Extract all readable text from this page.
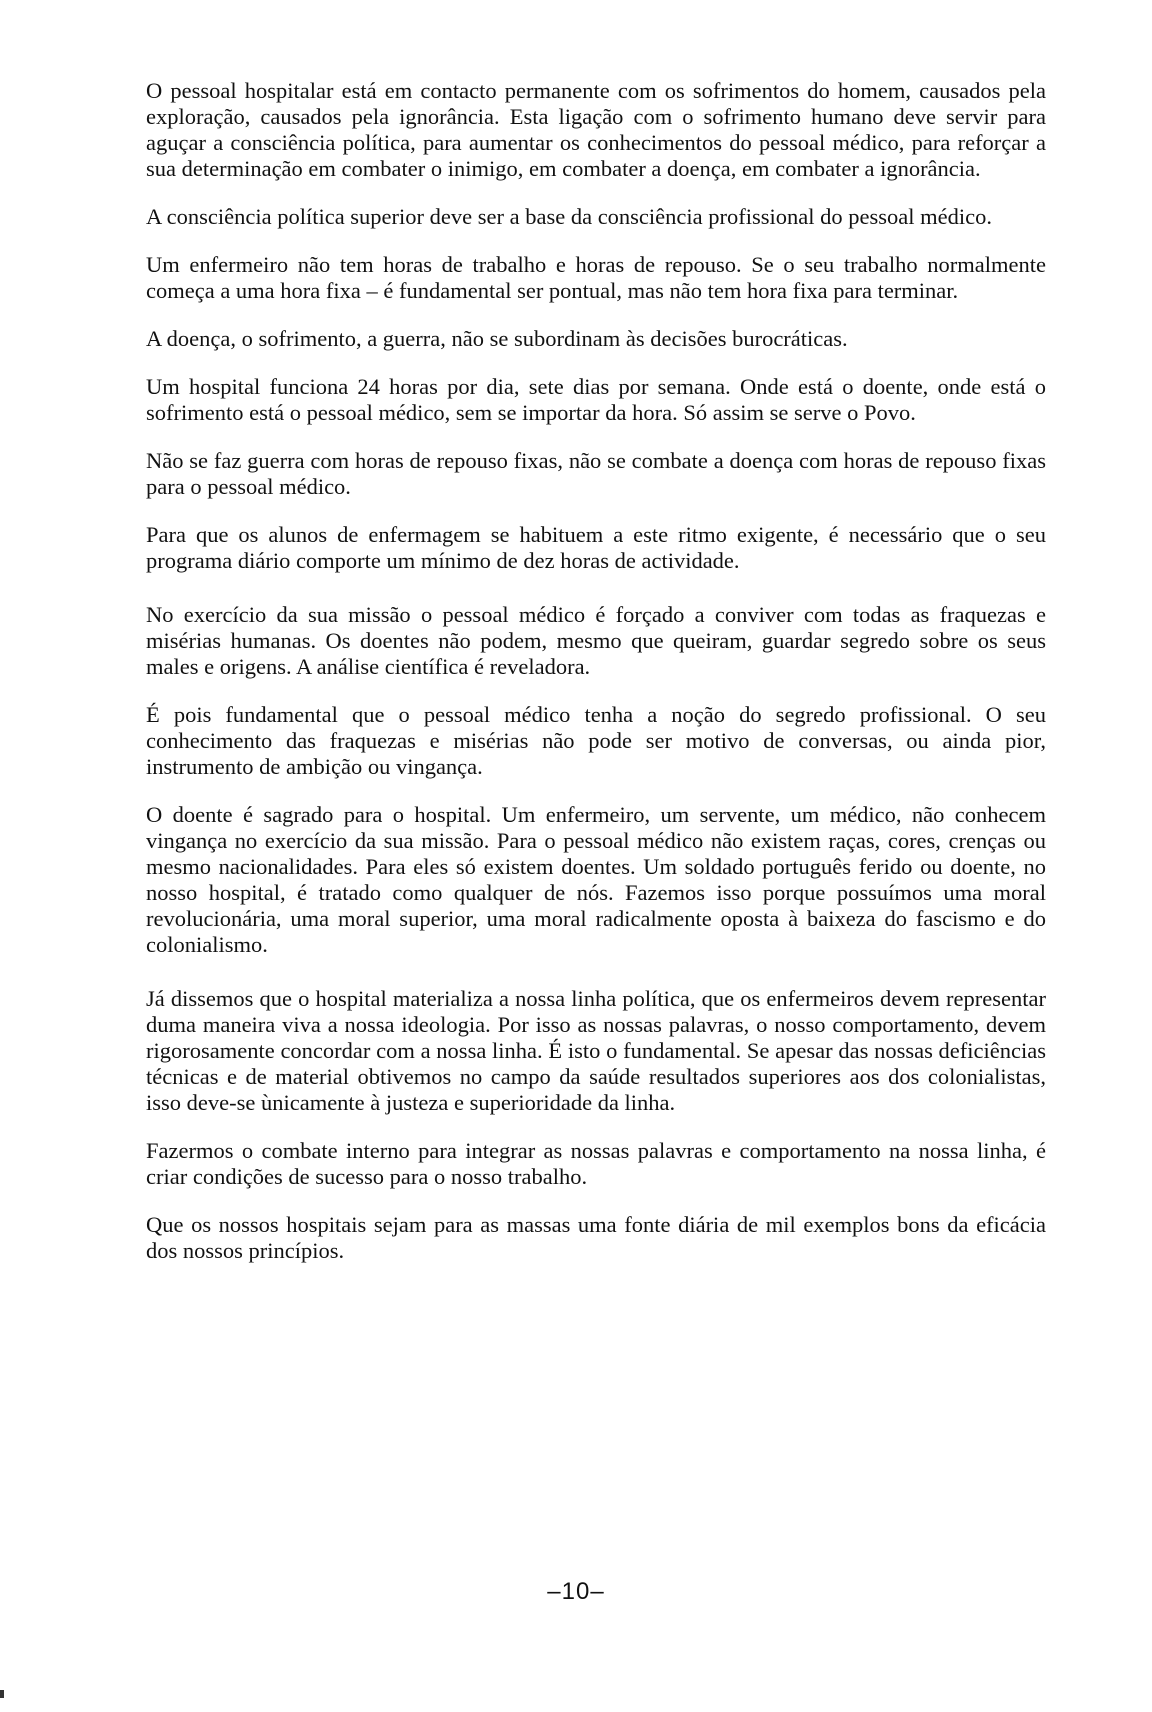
O pessoal hospitalar está em contacto permanente com os sofrimentos do homem, causados pela exploração, causados pela ignorância. Esta ligação com o sofrimento humano deve servir para aguçar a consciência política, para aumentar os conhecimentos do pessoal médico, para reforçar a sua determinação em combater o inimigo, em combater a doença, em combater a ignorância.

A consciência política superior deve ser a base da consciência profissional do pessoal médico.

Um enfermeiro não tem horas de trabalho e horas de repouso. Se o seu trabalho normalmente começa a uma hora fixa – é fundamental ser pontual, mas não tem hora fixa para terminar.

A doença, o sofrimento, a guerra, não se subordinam às decisões burocráticas.

Um hospital funciona 24 horas por dia, sete dias por semana. Onde está o doente, onde está o sofrimento está o pessoal médico, sem se importar da hora. Só assim se serve o Povo.

Não se faz guerra com horas de repouso fixas, não se combate a doença com horas de repouso fixas para o pessoal médico.

Para que os alunos de enfermagem se habituem a este ritmo exigente, é necessário que o seu programa diário comporte um mínimo de dez horas de actividade.

No exercício da sua missão o pessoal médico é forçado a conviver com todas as fraquezas e misérias humanas. Os doentes não podem, mesmo que queiram, guardar segredo sobre os seus males e origens. A análise científica é reveladora.

É pois fundamental que o pessoal médico tenha a noção do segredo profissional. O seu conhecimento das fraquezas e misérias não pode ser motivo de conversas, ou ainda pior, instrumento de ambição ou vingança.

O doente é sagrado para o hospital. Um enfermeiro, um servente, um médico, não conhecem vingança no exercício da sua missão. Para o pessoal médico não existem raças, cores, crenças ou mesmo nacionalidades. Para eles só existem doentes. Um soldado português ferido ou doente, no nosso hospital, é tratado como qualquer de nós. Fazemos isso porque possuímos uma moral revolucionária, uma moral superior, uma moral radicalmente oposta à baixeza do fascismo e do colonialismo.

Já dissemos que o hospital materializa a nossa linha política, que os enfermeiros devem representar duma maneira viva a nossa ideologia. Por isso as nossas palavras, o nosso comportamento, devem rigorosamente concordar com a nossa linha. É isto o fundamental. Se apesar das nossas deficiências técnicas e de material obtivemos no campo da saúde resultados superiores aos dos colonialistas, isso deve-se ùnicamente à justeza e superioridade da linha.

Fazermos o combate interno para integrar as nossas palavras e comportamento na nossa linha, é criar condições de sucesso para o nosso trabalho.

Que os nossos hospitais sejam para as massas uma fonte diária de mil exemplos bons da eficácia dos nossos princípios.

–10–
